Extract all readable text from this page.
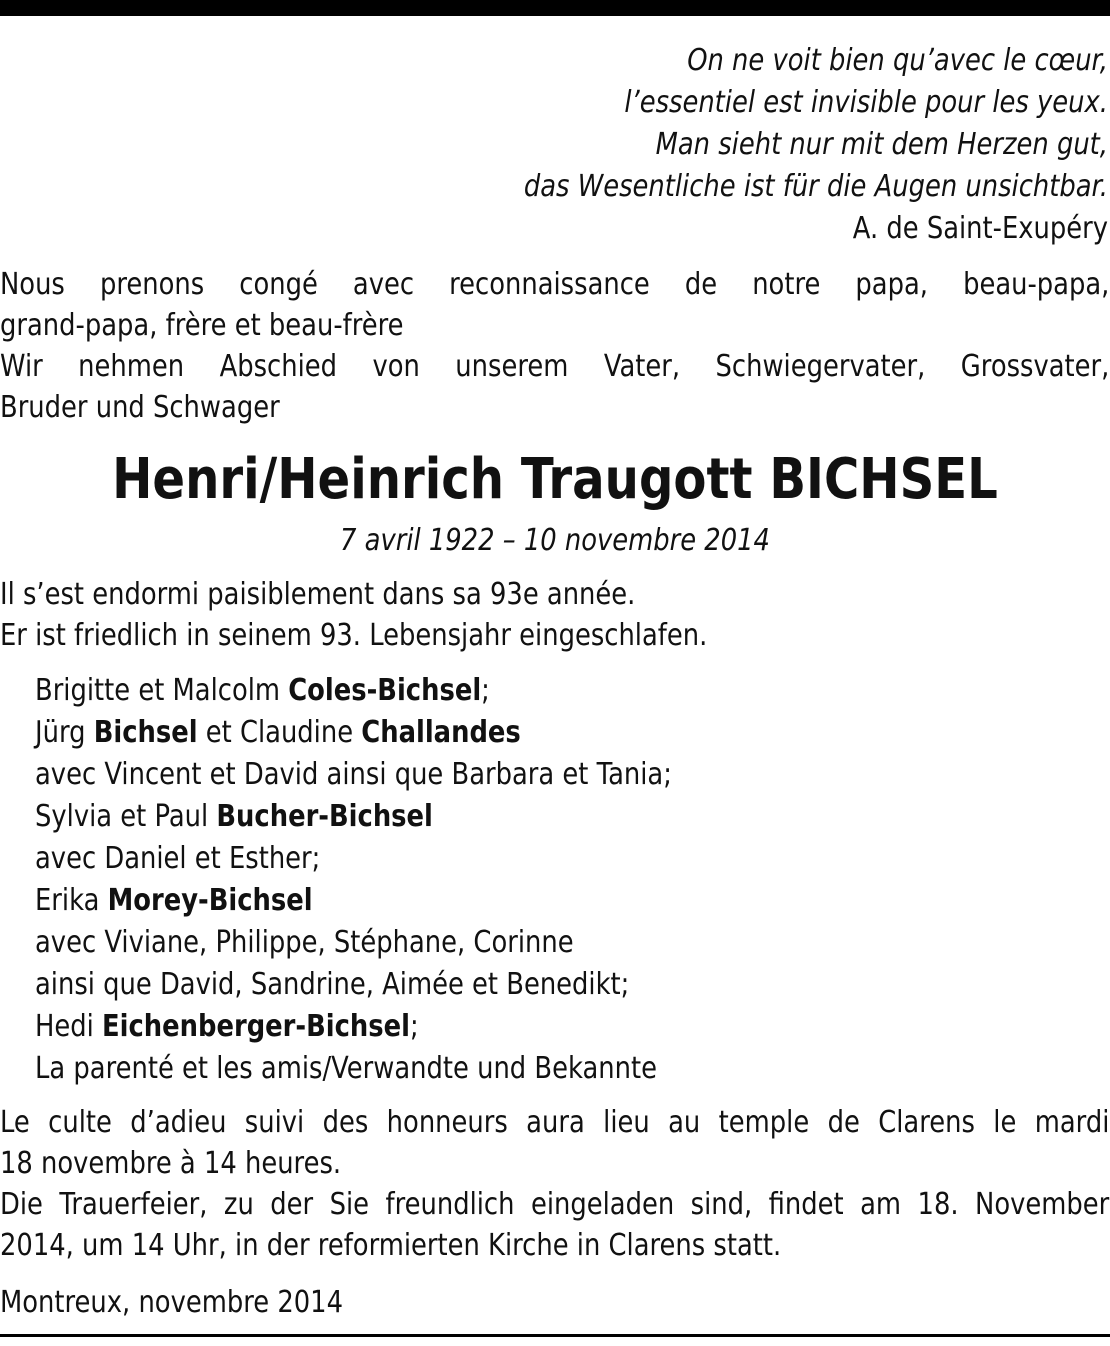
On ne voit bien qu’avec le cœur,
l’essentiel est invisible pour les yeux.
Man sieht nur mit dem Herzen gut,
das Wesentliche ist für die Augen unsichtbar.
A. de Saint-Exupéry
Nous prenons congé avec reconnaissance de notre papa, beau-papa,
grand-papa, frère et beau-frère
Wir nehmen Abschied von unserem Vater, Schwiegervater, Grossvater,
Bruder und Schwager
Henri/Heinrich Traugott BICHSEL
7 avril 1922 – 10 novembre 2014
Il s’est endormi paisiblement dans sa 93e année.
Er ist friedlich in seinem 93. Lebensjahr eingeschlafen.
Brigitte et Malcolm Coles-Bichsel;
Jürg Bichsel et Claudine Challandes
avec Vincent et David ainsi que Barbara et Tania;
Sylvia et Paul Bucher-Bichsel
avec Daniel et Esther;
Erika Morey-Bichsel
avec Viviane, Philippe, Stéphane, Corinne
ainsi que David, Sandrine, Aimée et Benedikt;
Hedi Eichenberger-Bichsel;
La parenté et les amis/Verwandte und Bekannte
Le culte d’adieu suivi des honneurs aura lieu au temple de Clarens le mardi
18 novembre à 14 heures.
Die Trauerfeier, zu der Sie freundlich eingeladen sind, findet am 18. November
2014, um 14 Uhr, in der reformierten Kirche in Clarens statt.
Montreux, novembre 2014
